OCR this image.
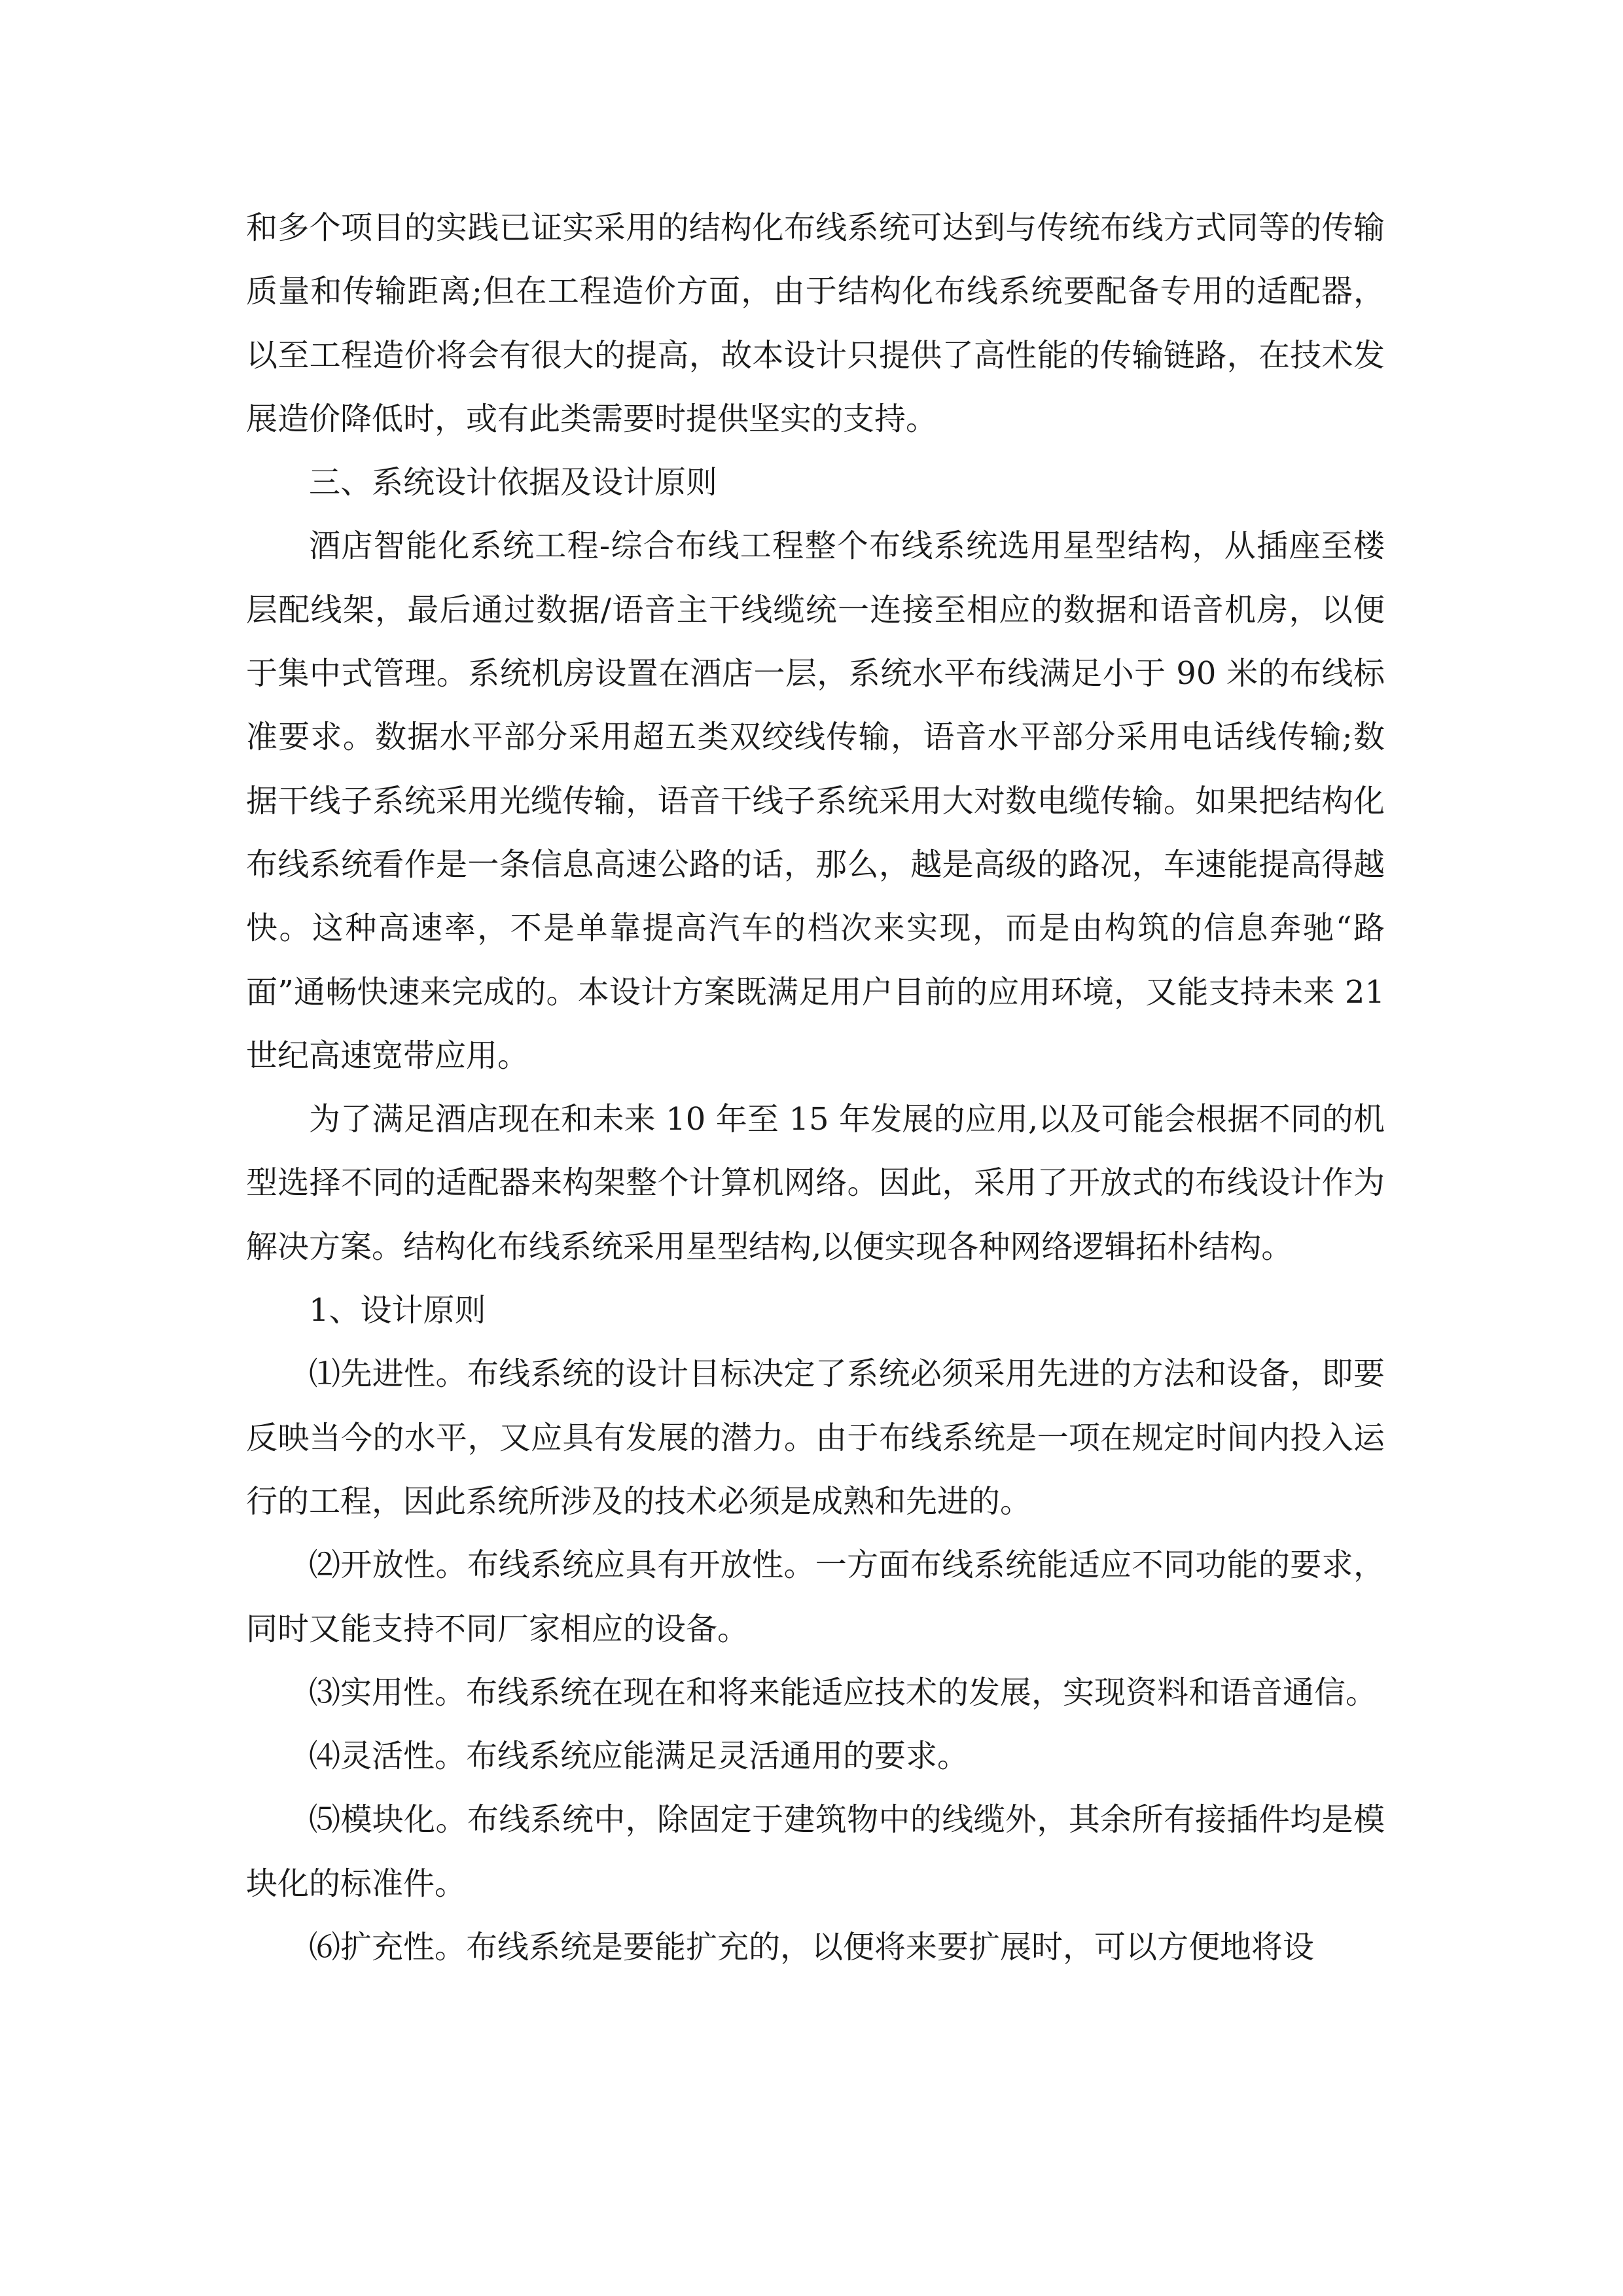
和多个项目的实践已证实采用的结构化布线系统可达到与传统布线方式同等的传输质量和传输距离;但在工程造价方面，由于结构化布线系统要配备专用的适配器，以至工程造价将会有很大的提高，故本设计只提供了高性能的传输链路，在技术发展造价降低时，或有此类需要时提供坚实的支持。

三、系统设计依据及设计原则

酒店智能化系统工程-综合布线工程整个布线系统选用星型结构，从插座至楼层配线架，最后通过数据/语音主干线缆统一连接至相应的数据和语音机房，以便于集中式管理。系统机房设置在酒店一层，系统水平布线满足小于 90 米的布线标准要求。数据水平部分采用超五类双绞线传输，语音水平部分采用电话线传输;数据干线子系统采用光缆传输，语音干线子系统采用大对数电缆传输。如果把结构化布线系统看作是一条信息高速公路的话，那么，越是高级的路况，车速能提高得越快。这种高速率，不是单靠提高汽车的档次来实现，而是由构筑的信息奔驰“路面”通畅快速来完成的。本设计方案既满足用户目前的应用环境，又能支持未来 21 世纪高速宽带应用。

为了满足酒店现在和未来 10 年至 15 年发展的应用,以及可能会根据不同的机型选择不同的适配器来构架整个计算机网络。因此，采用了开放式的布线设计作为解决方案。结构化布线系统采用星型结构,以便实现各种网络逻辑拓朴结构。

1、设计原则

⑴先进性。布线系统的设计目标决定了系统必须采用先进的方法和设备，即要反映当今的水平，又应具有发展的潜力。由于布线系统是一项在规定时间内投入运行的工程，因此系统所涉及的技术必须是成熟和先进的。

⑵开放性。布线系统应具有开放性。一方面布线系统能适应不同功能的要求，同时又能支持不同厂家相应的设备。

⑶实用性。布线系统在现在和将来能适应技术的发展，实现资料和语音通信。

⑷灵活性。布线系统应能满足灵活通用的要求。

⑸模块化。布线系统中，除固定于建筑物中的线缆外，其余所有接插件均是模块化的标准件。

⑹扩充性。布线系统是要能扩充的，以便将来要扩展时，可以方便地将设
